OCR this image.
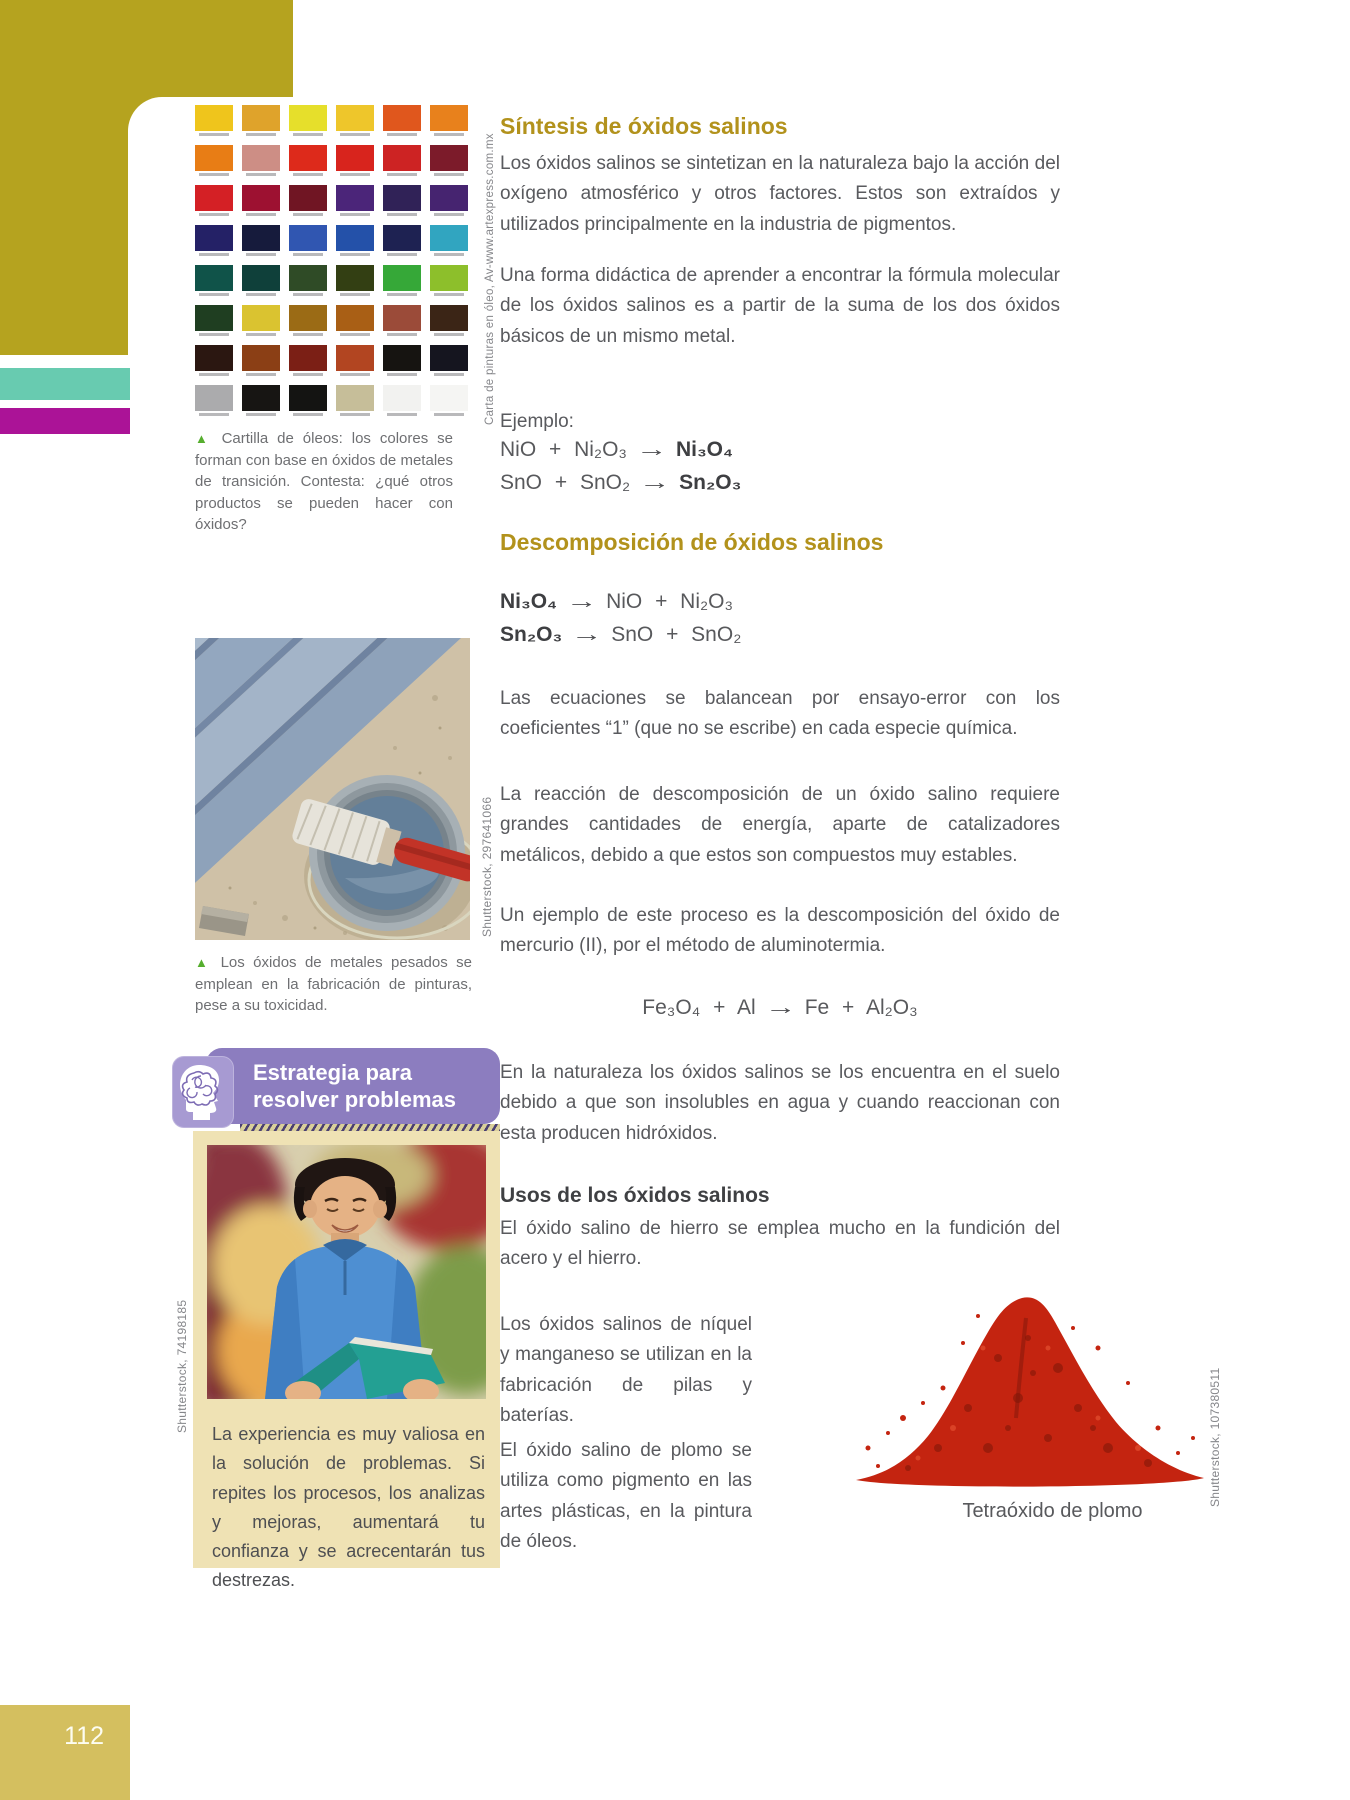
112
Carta de pinturas en óleo, Av-www.artexpress.com.mx
▲ Cartilla de óleos: los colores se forman con base en óxidos de metales de transición. Contesta: ¿qué otros productos se pueden hacer con óxidos?
Shutterstock, 297641066
▲ Los óxidos de metales pesados se emplean en la fabricación de pinturas, pese a su toxicidad.
Estrategia para
resolver problemas
Shutterstock, 74198185
La experiencia es muy valiosa en la solución de problemas. Si repites los procesos, los analizas y mejoras, aumentará tu confianza y se acrecentarán tus destrezas.
Síntesis de óxidos salinos
Los óxidos salinos se sintetizan en la naturaleza bajo la acción del oxígeno atmosférico y otros factores. Estos son extraídos y utilizados principalmente en la industria de pigmentos.
Una forma didáctica de aprender a encontrar la fórmula molecular de los óxidos salinos es a partir de la suma de los dos óxidos básicos de un mismo metal.
Ejemplo:
NiO + Ni₂O₃ → Ni₃O₄
SnO + SnO₂ → Sn₂O₃
Descomposición de óxidos salinos
Ni₃O₄ → NiO + Ni₂O₃
Sn₂O₃ → SnO + SnO₂
Las ecuaciones se balancean por ensayo-error con los coeficientes “1” (que no se escribe) en cada especie química.
La reacción de descomposición de un óxido salino requiere grandes cantidades de energía, aparte de catalizadores metálicos, debido a que estos son compuestos muy estables.
Un ejemplo de este proceso es la descomposición del óxido de mercurio (II), por el método de aluminotermia.
Fe₃O₄ + Al → Fe + Al₂O₃
En la naturaleza los óxidos salinos se los encuentra en el suelo debido a que son insolubles en agua y cuando reaccionan con esta producen hidróxidos.
Usos de los óxidos salinos
El óxido salino de hierro se emplea mucho en la fundición del acero y el hierro.
Los óxidos salinos de níquel y manganeso se utilizan en la fabricación de pilas y baterías.
El óxido salino de plomo se utiliza como pigmento en las artes plásticas, en la pintura de óleos.
Tetraóxido de plomo
Shutterstock, 107380511
